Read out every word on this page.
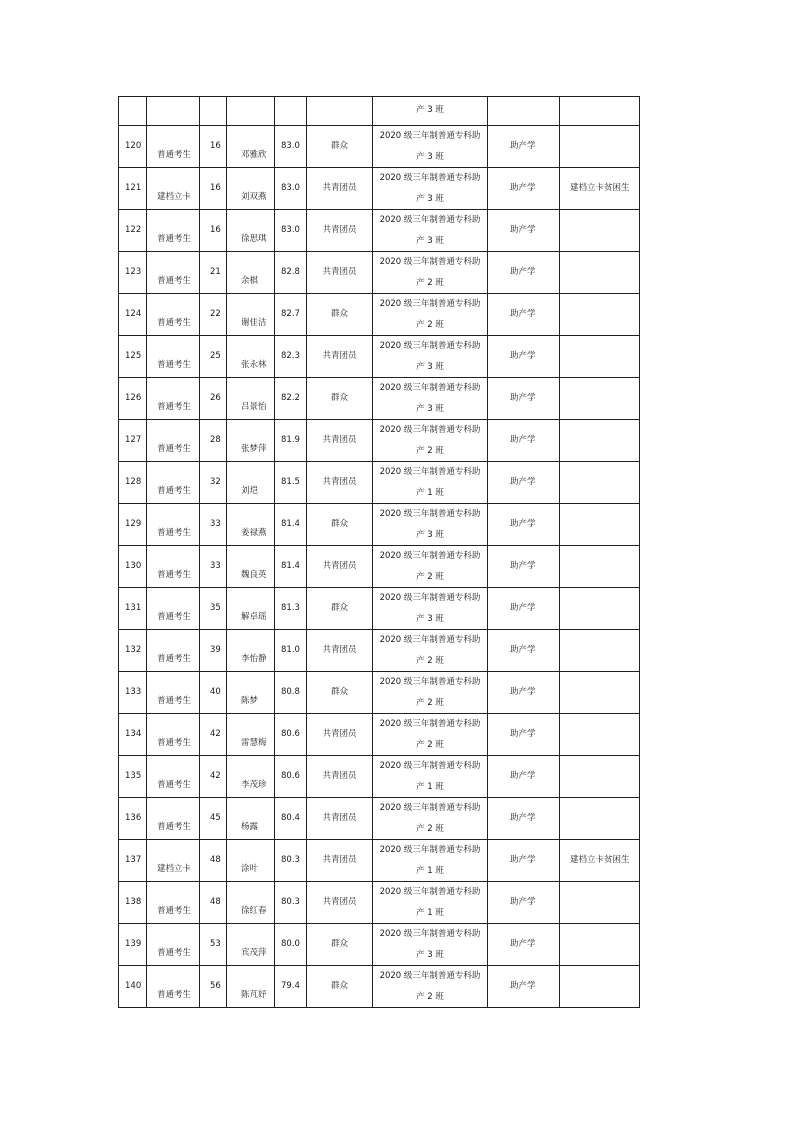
						产 3 班		

120	普通考生	16	邓雅欣	83.0	群众	2020 级三年制普通专科助
产 3 班	助产学	

121	建档立卡	16	刘双燕	83.0	共青团员	2020 级三年制普通专科助
产 3 班	助产学	建档立卡贫困生

122	普通考生	16	徐思琪	83.0	共青团员	2020 级三年制普通专科助
产 3 班	助产学	

123	普通考生	21	余棋	82.8	共青团员	2020 级三年制普通专科助
产 2 班	助产学	

124	普通考生	22	谢佳洁	82.7	群众	2020 级三年制普通专科助
产 2 班	助产学	

125	普通考生	25	张永林	82.3	共青团员	2020 级三年制普通专科助
产 3 班	助产学	

126	普通考生	26	吕景怡	82.2	群众	2020 级三年制普通专科助
产 3 班	助产学	

127	普通考生	28	张梦萍	81.9	共青团员	2020 级三年制普通专科助
产 2 班	助产学	

128	普通考生	32	刘垲	81.5	共青团员	2020 级三年制普通专科助
产 1 班	助产学	

129	普通考生	33	姜禄燕	81.4	群众	2020 级三年制普通专科助
产 3 班	助产学	

130	普通考生	33	魏良英	81.4	共青团员	2020 级三年制普通专科助
产 2 班	助产学	

131	普通考生	35	解卓瑶	81.3	群众	2020 级三年制普通专科助
产 3 班	助产学	

132	普通考生	39	李怡静	81.0	共青团员	2020 级三年制普通专科助
产 2 班	助产学	

133	普通考生	40	陈梦	80.8	群众	2020 级三年制普通专科助
产 2 班	助产学	

134	普通考生	42	雷慧梅	80.6	共青团员	2020 级三年制普通专科助
产 2 班	助产学	

135	普通考生	42	李茂珍	80.6	共青团员	2020 级三年制普通专科助
产 1 班	助产学	

136	普通考生	45	杨露	80.4	共青团员	2020 级三年制普通专科助
产 2 班	助产学	

137	建档立卡	48	涂叶	80.3	共青团员	2020 级三年制普通专科助
产 1 班	助产学	建档立卡贫困生

138	普通考生	48	徐红春	80.3	共青团员	2020 级三年制普通专科助
产 1 班	助产学	

139	普通考生	53	宾茂萍	80.0	群众	2020 级三年制普通专科助
产 3 班	助产学	

140	普通考生	56	陈芃妤	79.4	群众	2020 级三年制普通专科助
产 2 班	助产学	
